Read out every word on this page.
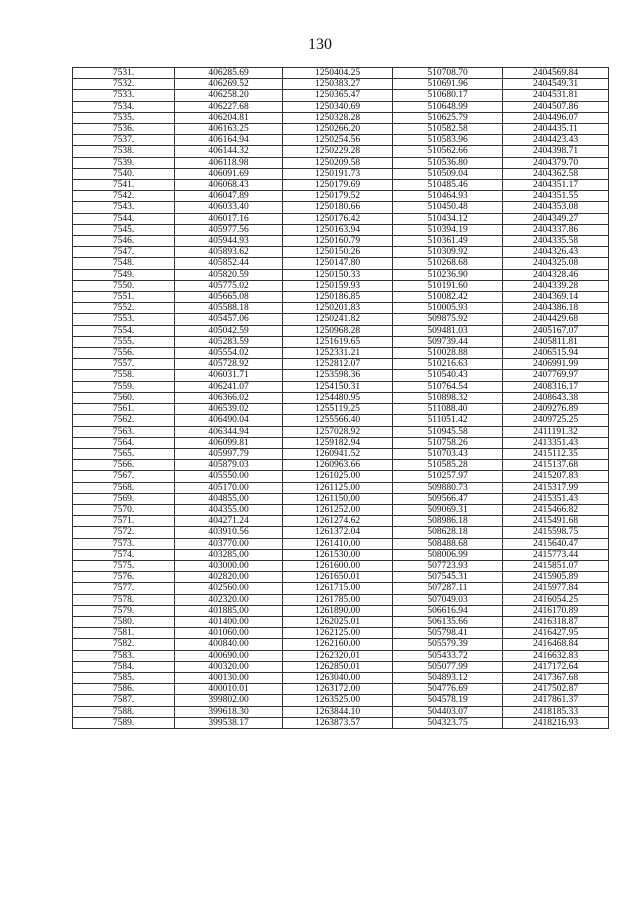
130
7531.	406285.69	1250404.25	510708.70	2404569.84
7532.	406269.52	1250383.27	510691.96	2404549.31
7533.	406258.20	1250365.47	510680.17	2404531.81
7534.	406227.68	1250340.69	510648.99	2404507.86
7535.	406204.81	1250328.28	510625.79	2404496.07
7536.	406163.25	1250266.20	510582.58	2404435.11
7537.	406164.94	1250254.56	510583.96	2404423.43
7538.	406144.32	1250229.28	510562.66	2404398.71
7539.	406118.98	1250209.58	510536.80	2404379.70
7540.	406091.69	1250191.73	510509.04	2404362.58
7541.	406068.43	1250179.69	510485.46	2404351.17
7542.	406047.89	1250179.52	510464.93	2404351.55
7543.	406033.40	1250180.66	510450.48	2404353.08
7544.	406017.16	1250176.42	510434.12	2404349.27
7545.	405977.56	1250163.94	510394.19	2404337.86
7546.	405944.93	1250160.79	510361.49	2404335.58
7547.	405893.62	1250150.26	510309.92	2404326.43
7548.	405852.44	1250147.80	510268.68	2404325.08
7549.	405820.59	1250150.33	510236.90	2404328.46
7550.	405775.02	1250159.93	510191.60	2404339.28
7551.	405665.08	1250186.85	510082.42	2404369.14
7552.	405588.18	1250201.83	510005.93	2404386.18
7553.	405457.06	1250241.82	509875.92	2404429.68
7554.	405042.59	1250968.28	509481.03	2405167.07
7555.	405283.59	1251619.65	509739.44	2405811.81
7556.	405554.02	1252331.21	510028.88	2406515.94
7557.	405728.92	1252812.07	510216.63	2406991.99
7558.	406031.71	1253598.36	510540.43	2407769.97
7559.	406241.07	1254150.31	510764.54	2408316.17
7560.	406366.02	1254480.95	510898.32	2408643.38
7561.	406539.02	1255119.25	511088.40	2409276.89
7562.	406490.04	1255566.40	511051.42	2409725.25
7563.	406344.94	1257028.92	510945.58	2411191.32
7564.	406099.81	1259182.94	510758.26	2413351.43
7565.	405997.79	1260941.52	510703.43	2415112.35
7566.	405879.03	1260963.66	510585.28	2415137.68
7567.	405550.00	1261025.00	510257.97	2415207.83
7568.	405170.00	1261125.00	509880.73	2415317.99
7569.	404855.00	1261150.00	509566.47	2415351.43
7570.	404355.00	1261252.00	509069.31	2415466.82
7571.	404271.24	1261274.62	508986.18	2415491.68
7572.	403910.56	1261372.04	508628.18	2415598.75
7573.	403770.00	1261410.00	508488.68	2415640.47
7574.	403285.00	1261530.00	508006.99	2415773.44
7575.	403000.00	1261600.00	507723.93	2415851.07
7576.	402820.00	1261650.01	507545.31	2415905.89
7577.	402560.00	1261715.00	507287.11	2415977.84
7578.	402320.00	1261785.00	507049.03	2416054.25
7579.	401885.00	1261890.00	506616.94	2416170.89
7580.	401400.00	1262025.01	506135.66	2416318.87
7581.	401060.00	1262125.00	505798.41	2416427.95
7582.	400840.00	1262160.00	505579.39	2416468.84
7583.	400690.00	1262320.01	505433.72	2416632.83
7584.	400320.00	1262850.01	505077.99	2417172.64
7585.	400130.00	1263040.00	504893.12	2417367.68
7586.	400010.01	1263172.00	504776.69	2417502.87
7587.	399802.00	1263525.00	504578.19	2417861.37
7588.	399618.30	1263844.10	504403.07	2418185.33
7589.	399538.17	1263873.57	504323.75	2418216.93
